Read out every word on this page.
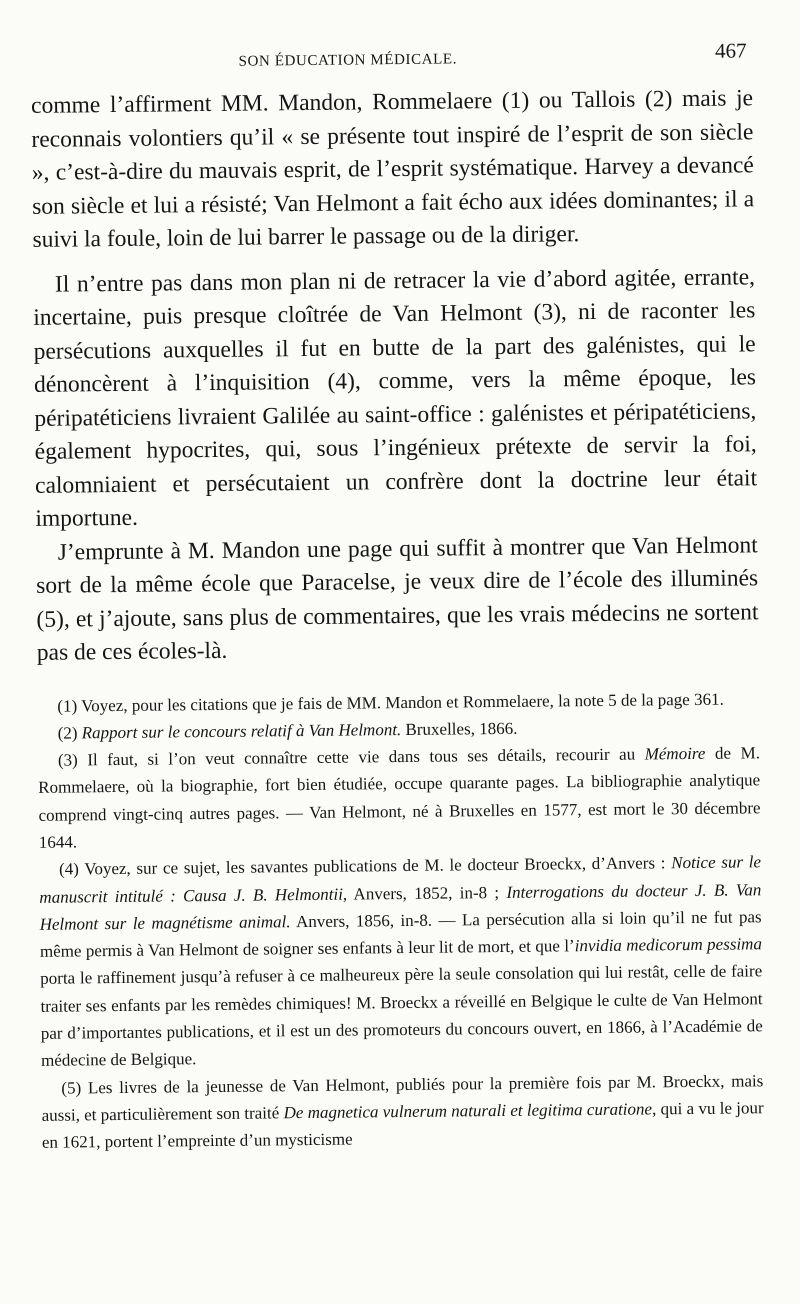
SON ÉDUCATION MÉDICALE.	467

comme l’affirment MM. Mandon, Rommelaere (1) ou Tallois (2) mais je reconnais volontiers qu’il « se présente tout inspiré de l’esprit de son siècle », c’est-à-dire du mauvais esprit, de l’esprit systématique. Harvey a devancé son siècle et lui a résisté; Van Helmont a fait écho aux idées dominantes; il a suivi la foule, loin de lui barrer le passage ou de la diriger.

Il n’entre pas dans mon plan ni de retracer la vie d’abord agitée, errante, incertaine, puis presque cloîtrée de Van Helmont (3), ni de raconter les persécutions auxquelles il fut en butte de la part des galénistes, qui le dénoncèrent à l’inquisition (4), comme, vers la même époque, les péripatéticiens livraient Galilée au saint-office : galénistes et péripatéticiens, également hypocrites, qui, sous l’ingénieux prétexte de servir la foi, calomniaient et persécutaient un confrère dont la doctrine leur était importune.

J’emprunte à M. Mandon une page qui suffit à montrer que Van Helmont sort de la même école que Paracelse, je veux dire de l’école des illuminés (5), et j’ajoute, sans plus de commentaires, que les vrais médecins ne sortent pas de ces écoles-là.

(1) Voyez, pour les citations que je fais de MM. Mandon et Rommelaere, la note 5 de la page 361.

(2) Rapport sur le concours relatif à Van Helmont. Bruxelles, 1866.

(3) Il faut, si l’on veut connaître cette vie dans tous ses détails, recourir au Mémoire de M. Rommelaere, où la biographie, fort bien étudiée, occupe quarante pages. La bibliographie analytique comprend vingt-cinq autres pages. — Van Helmont, né à Bruxelles en 1577, est mort le 30 décembre 1644.

(4) Voyez, sur ce sujet, les savantes publications de M. le docteur Broeckx, d’Anvers : Notice sur le manuscrit intitulé : Causa J. B. Helmontii, Anvers, 1852, in-8 ; Interrogations du docteur J. B. Van Helmont sur le magnétisme animal. Anvers, 1856, in-8. — La persécution alla si loin qu’il ne fut pas même permis à Van Helmont de soigner ses enfants à leur lit de mort, et que l’invidia medicorum pessima porta le raffinement jusqu’à refuser à ce malheureux père la seule consolation qui lui restât, celle de faire traiter ses enfants par les remèdes chimiques! M. Broeckx a réveillé en Belgique le culte de Van Helmont par d’importantes publications, et il est un des promoteurs du concours ouvert, en 1866, à l’Académie de médecine de Belgique.

(5) Les livres de la jeunesse de Van Helmont, publiés pour la première fois par M. Broeckx, mais aussi, et particulièrement son traité De magnetica vulnerum naturali et legitima curatione, qui a vu le jour en 1621, portent l’empreinte d’un mysticisme
